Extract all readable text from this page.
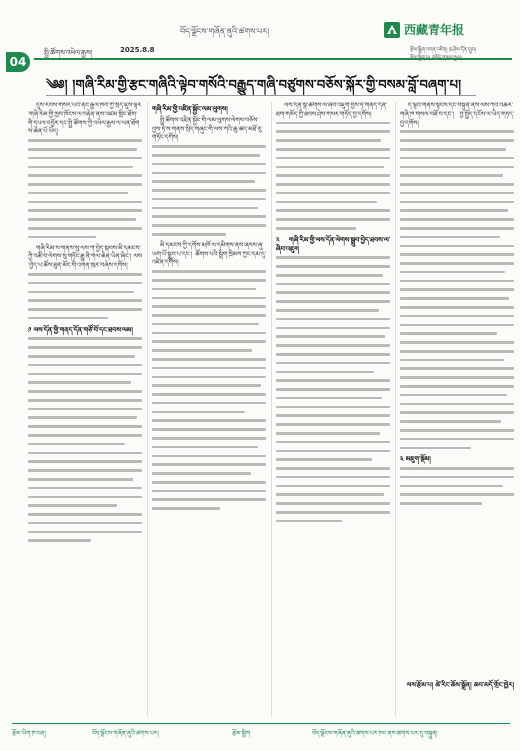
04
སྤྱི་ཚོགས་འཕེལ་རྒྱས།	2025.8.8
བོད་ལྗོངས་གཞོན་ནུའི་ཚགས་པར།	西藏青年报
རྩོམ་སྒྲིག་འགན་འཛིན། ཁྲ་ཤིས་དོན་གྲུབ།
༄༅། །གཞི་རིམ་གྱི་རྩང་གཞིའི་ལྟེབ་གསོའི་བརྒྱུད་གཞི་བཙུགས་བཅོས་སྐོར་གྱི་བསམ་བློ་བཞག་པ།

དུས་རབས་གསར་པའི་ནང་རྒྱལ་ཁབ་ཀྱི་སྲིད་ཇུས་ལྟར་གཞི་རིམ་གྱི་ཁྱབ་ཁོངས་ལ་བརྟེན་ནས་འཛམ་གླིང་ཐོག་གི་དཔལ་འབྱོར་དང་སྤྱི་ཚོགས་ཀྱི་འཕེལ་རྒྱས་ལ་ཕན་ཐོགས་ཆེན་པོ་ཡོད།

གཞི་རིམ་ས་གནས་སུ་ལས་ཀ་བྱེད་སྐབས་མི་དམངས་ཀྱི་འཚོ་བ་ལེགས་སུ་གཏོང་རྒྱུ་ནི་གལ་ཆེན་ཡིན་ཞིང་། ལས་བྱེད་པ་ཚོས་ཐུན་མོང་གི་འགན་ཁུར་བཞེས་དགོས།

༡ ལས་དོན་གྱི་གནད་དོན་གཙོ་བོ་དང་ཐབས་ལམ།
གཞི་རིམ་གྱི་འཛིན་སྐྱོང་ལམ་ལུགས།

སྤྱི་ཚོགས་འཛིན་སྐྱོང་གི་ལམ་ལུགས་ལེགས་བཅོས་བྱས་ཏེ་ས་གནས་སྲིད་གཞུང་གི་ལས་ཀའི་ཆུ་ཚད་མཐོ་རུ་གཏོང་དགོས།

མི་དམངས་ཀྱི་དགོས་མཁོ་ལ་དམིགས་ནས་ཞབས་ཞུ་ཡག་པོ་སྒྲུབ་པ་དང་། ཚོགས་པའི་སྒྲིག་ཁྲིམས་ཀྱང་དམ་དུ་འཛིན་དགོས།

ལས་དོན་སྣ་ཚོགས་ལ་ཞིབ་འཇུག་བྱས་ཏེ་གནད་དོན་ཐག་གཅོད་ཀྱི་ཐབས་ཤེས་གསར་གཏོད་བྱ་དགོས།

༢ གཞི་རིམ་གྱི་ལས་དོན་ལེགས་སྒྲུབ་བྱེད་ཐབས་ལ་ཞིབ་འཇུག

ད་ལྟའི་གནས་སྟངས་དང་བསྟུན་ནས་ལས་ཀའི་འཆར་གཞི་ཁ་གསལ་བཟོ་བ་དང་། བྱ་སྤྱོད་དངོས་ལ་ཡིད་གཏད་བྱ་དགོས།

༣ མཇུག་སྡོམ།
ལས་རྩོམ་པ། ཚེ་རིང་ཆོས་སྒྲོན། ཆབ་མདོ་གྲོང་ཁྱེར།
རྩོམ་ཡིག་ཁ་བརྡ།	བོད་ལྗོངས་གཞོན་ནུའི་ཚགས་པར།	རྩོམ་སྒྲིག	བོད་ལྗོངས་གཞོན་ནུའི་ཚགས་པར་ཁང་ནས་ཚགས་པར་དུ་བསྐྲུན།
